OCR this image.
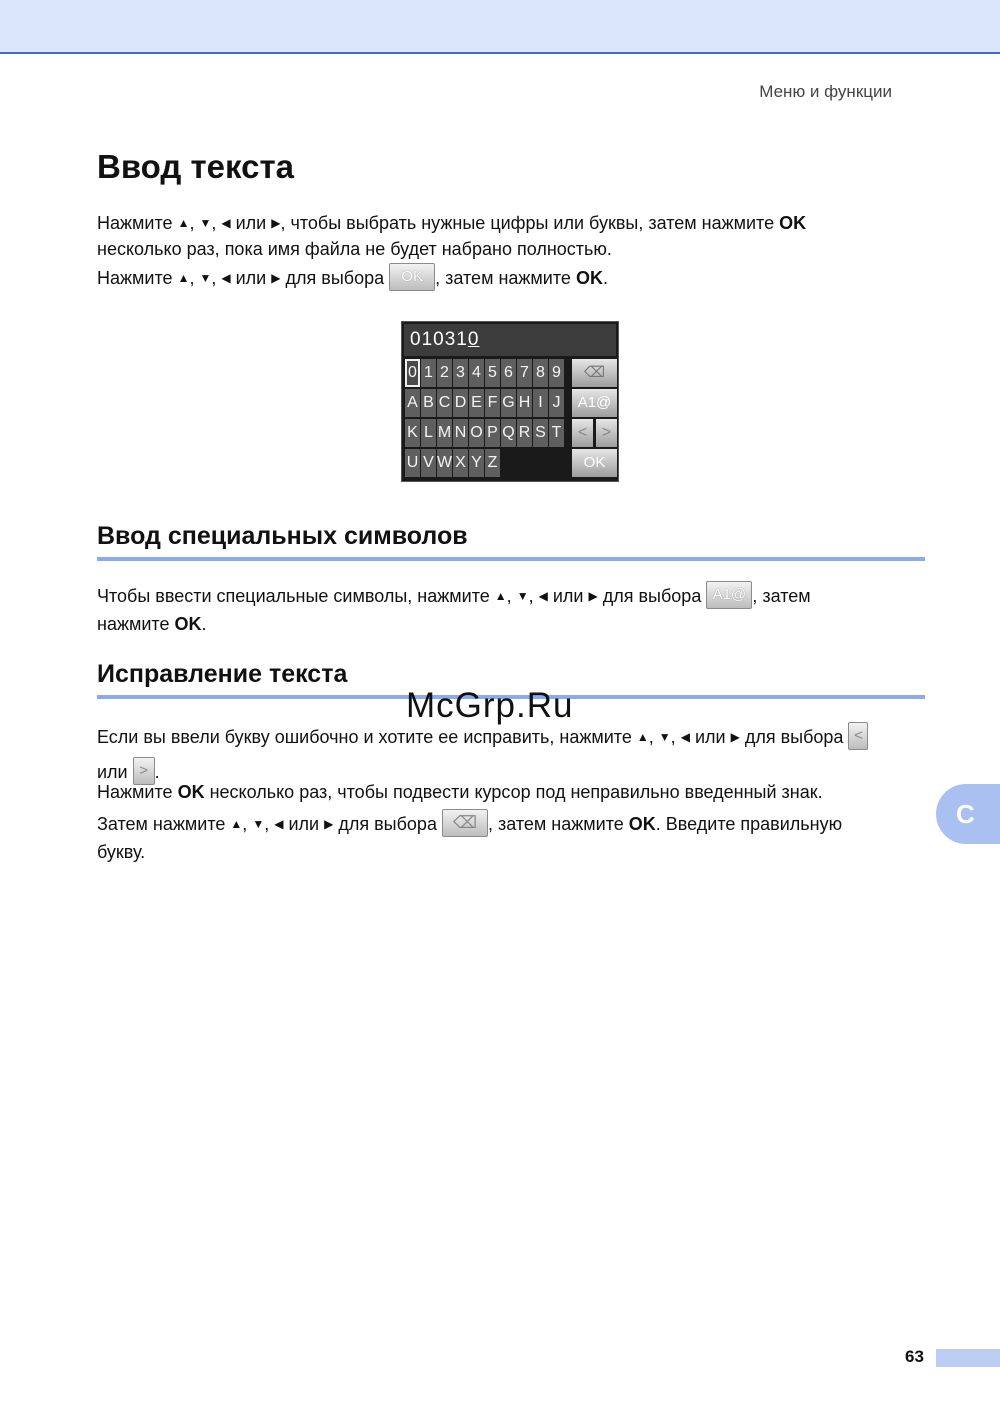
Меню и функции
Ввод текста

Нажмите ▲, ▼, ◀ или ▶, чтобы выбрать нужные цифры или буквы, затем нажмите OK
несколько раз, пока имя файла не будет набрано полностью.

Нажмите ▲, ▼, ◀ или ▶ для выбора OK , затем нажмите OK.

010310
0 1 2 3 4 5 6 7 8 9	⌫
A B C D E F G H I J	A1@
K L M N O P Q R S T	< >
U V W X Y Z	OK
Ввод специальных символов

Чтобы ввести специальные символы, нажмите ▲, ▼, ◀ или ▶ для выбора A1@ , затем
нажмите OK.

Исправление текста
McGrp.Ru

Если вы ввели букву ошибочно и хотите ее исправить, нажмите ▲, ▼, ◀ или ▶ для выбора <
или > .

Нажмите OK несколько раз, чтобы подвести курсор под неправильно введенный знак.

Затем нажмите ▲, ▼, ◀ или ▶ для выбора ⌫ , затем нажмите OK. Введите правильную
букву.

C
63
